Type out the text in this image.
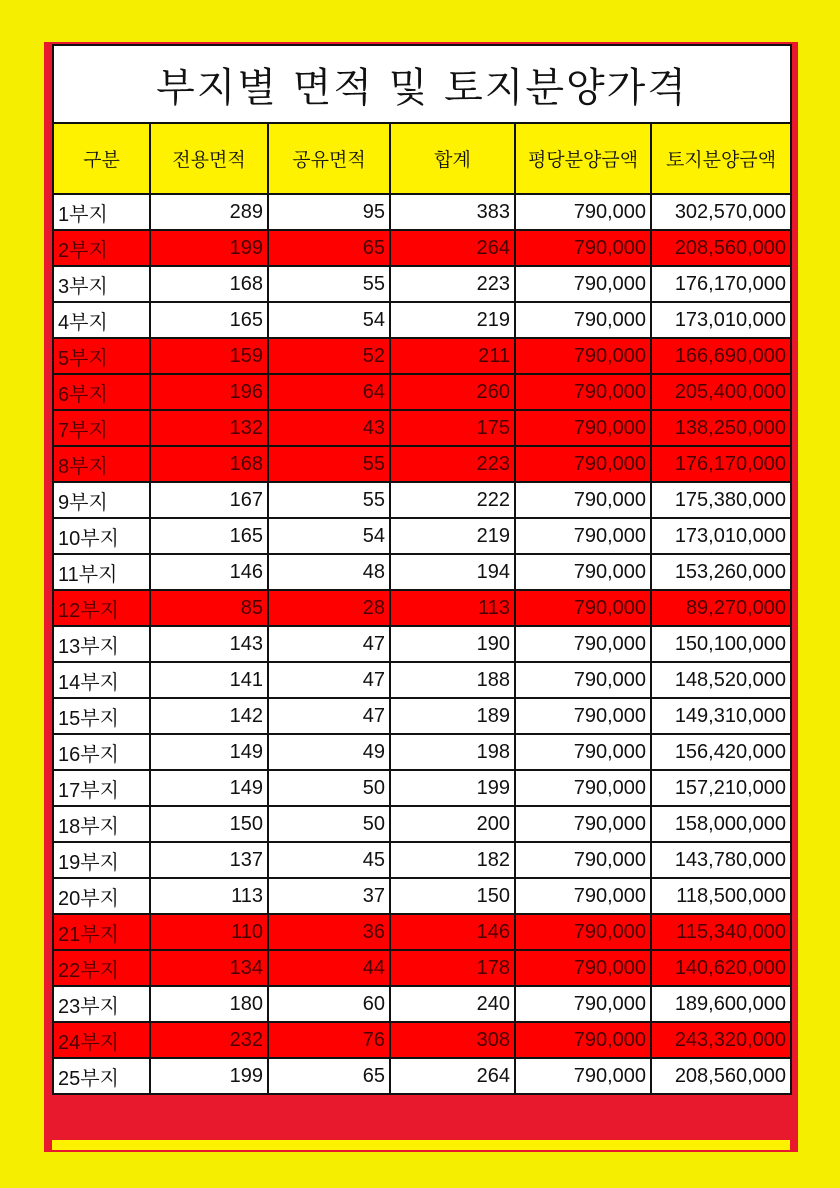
부지별 면적 및 토지분양가격					
구분	전용면적	공유면적	합계	평당분양금액	토지분양금액
1부지	289	95	383	790,000	302,570,000
2부지	199	65	264	790,000	208,560,000
3부지	168	55	223	790,000	176,170,000
4부지	165	54	219	790,000	173,010,000
5부지	159	52	211	790,000	166,690,000
6부지	196	64	260	790,000	205,400,000
7부지	132	43	175	790,000	138,250,000
8부지	168	55	223	790,000	176,170,000
9부지	167	55	222	790,000	175,380,000
10부지	165	54	219	790,000	173,010,000
11부지	146	48	194	790,000	153,260,000
12부지	85	28	113	790,000	89,270,000
13부지	143	47	190	790,000	150,100,000
14부지	141	47	188	790,000	148,520,000
15부지	142	47	189	790,000	149,310,000
16부지	149	49	198	790,000	156,420,000
17부지	149	50	199	790,000	157,210,000
18부지	150	50	200	790,000	158,000,000
19부지	137	45	182	790,000	143,780,000
20부지	113	37	150	790,000	118,500,000
21부지	110	36	146	790,000	115,340,000
22부지	134	44	178	790,000	140,620,000
23부지	180	60	240	790,000	189,600,000
24부지	232	76	308	790,000	243,320,000
25부지	199	65	264	790,000	208,560,000
